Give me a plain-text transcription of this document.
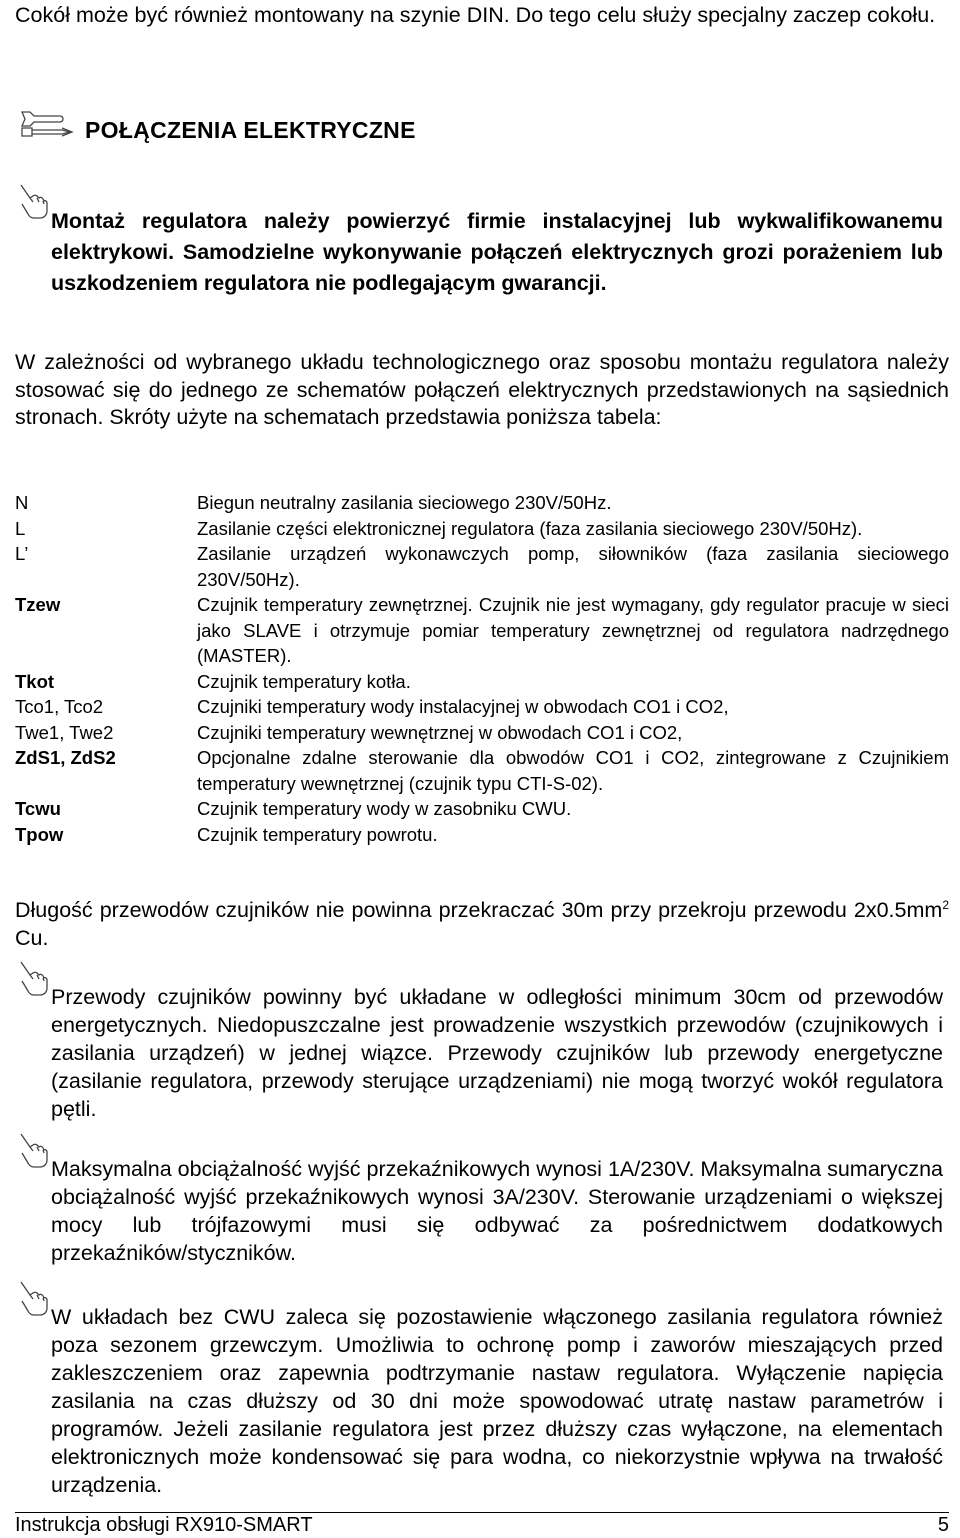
Cokół może być również montowany na szynie DIN. Do tego celu służy specjalny zaczep cokołu.

POŁĄCZENIA ELEKTRYCZNE

Montaż regulatora należy powierzyć firmie instalacyjnej lub wykwalifikowanemu elektrykowi. Samodzielne wykonywanie połączeń elektrycznych grozi porażeniem lub uszkodzeniem regulatora nie podlegającym gwarancji.

W zależności od wybranego układu technologicznego oraz sposobu montażu regulatora należy stosować się do jednego ze schematów połączeń elektrycznych przedstawionych na sąsiednich stronach. Skróty użyte na schematach przedstawia poniższa tabela:

N	Biegun neutralny zasilania sieciowego 230V/50Hz.
L	Zasilanie części elektronicznej regulatora (faza zasilania sieciowego 230V/50Hz).
L’	Zasilanie urządzeń wykonawczych pomp, siłowników (faza zasilania sieciowego 230V/50Hz).
Tzew	Czujnik temperatury zewnętrznej. Czujnik nie jest wymagany, gdy regulator pracuje w sieci jako SLAVE i otrzymuje pomiar temperatury zewnętrznej od regulatora nadrzędnego (MASTER).
Tkot	Czujnik temperatury kotła.
Tco1, Tco2	Czujniki temperatury wody instalacyjnej w obwodach CO1 i CO2,
Twe1, Twe2	Czujniki temperatury wewnętrznej w obwodach CO1 i CO2,
ZdS1, ZdS2	Opcjonalne zdalne sterowanie dla obwodów CO1 i CO2, zintegrowane z Czujnikiem temperatury wewnętrznej (czujnik typu CTI-S-02).
Tcwu	Czujnik temperatury wody w zasobniku CWU.
Tpow	Czujnik temperatury powrotu.

Długość przewodów czujników nie powinna przekraczać 30m przy przekroju przewodu $2x0.5mm^2$ Cu.

Przewody czujników powinny być układane w odległości minimum 30cm od przewodów energetycznych. Niedopuszczalne jest prowadzenie wszystkich przewodów (czujnikowych i zasilania urządzeń) w jednej wiązce. Przewody czujników lub przewody energetyczne (zasilanie regulatora, przewody sterujące urządzeniami) nie mogą tworzyć wokół regulatora pętli.

Maksymalna obciążalność wyjść przekaźnikowych wynosi 1A/230V. Maksymalna sumaryczna obciążalność wyjść przekaźnikowych wynosi 3A/230V. Sterowanie urządzeniami o większej mocy lub trójfazowymi musi się odbywać za pośrednictwem dodatkowych przekaźników/styczników.

W układach bez CWU zaleca się pozostawienie włączonego zasilania regulatora również poza sezonem grzewczym. Umożliwia to ochronę pomp i zaworów mieszających przed zakleszczeniem oraz zapewnia podtrzymanie nastaw regulatora. Wyłączenie napięcia zasilania na czas dłuższy od 30 dni może spowodować utratę nastaw parametrów i programów. Jeżeli zasilanie regulatora jest przez dłuższy czas wyłączone, na elementach elektronicznych może kondensować się para wodna, co niekorzystnie wpływa na trwałość urządzenia.

Instrukcja obsługi RX910-SMART	5
